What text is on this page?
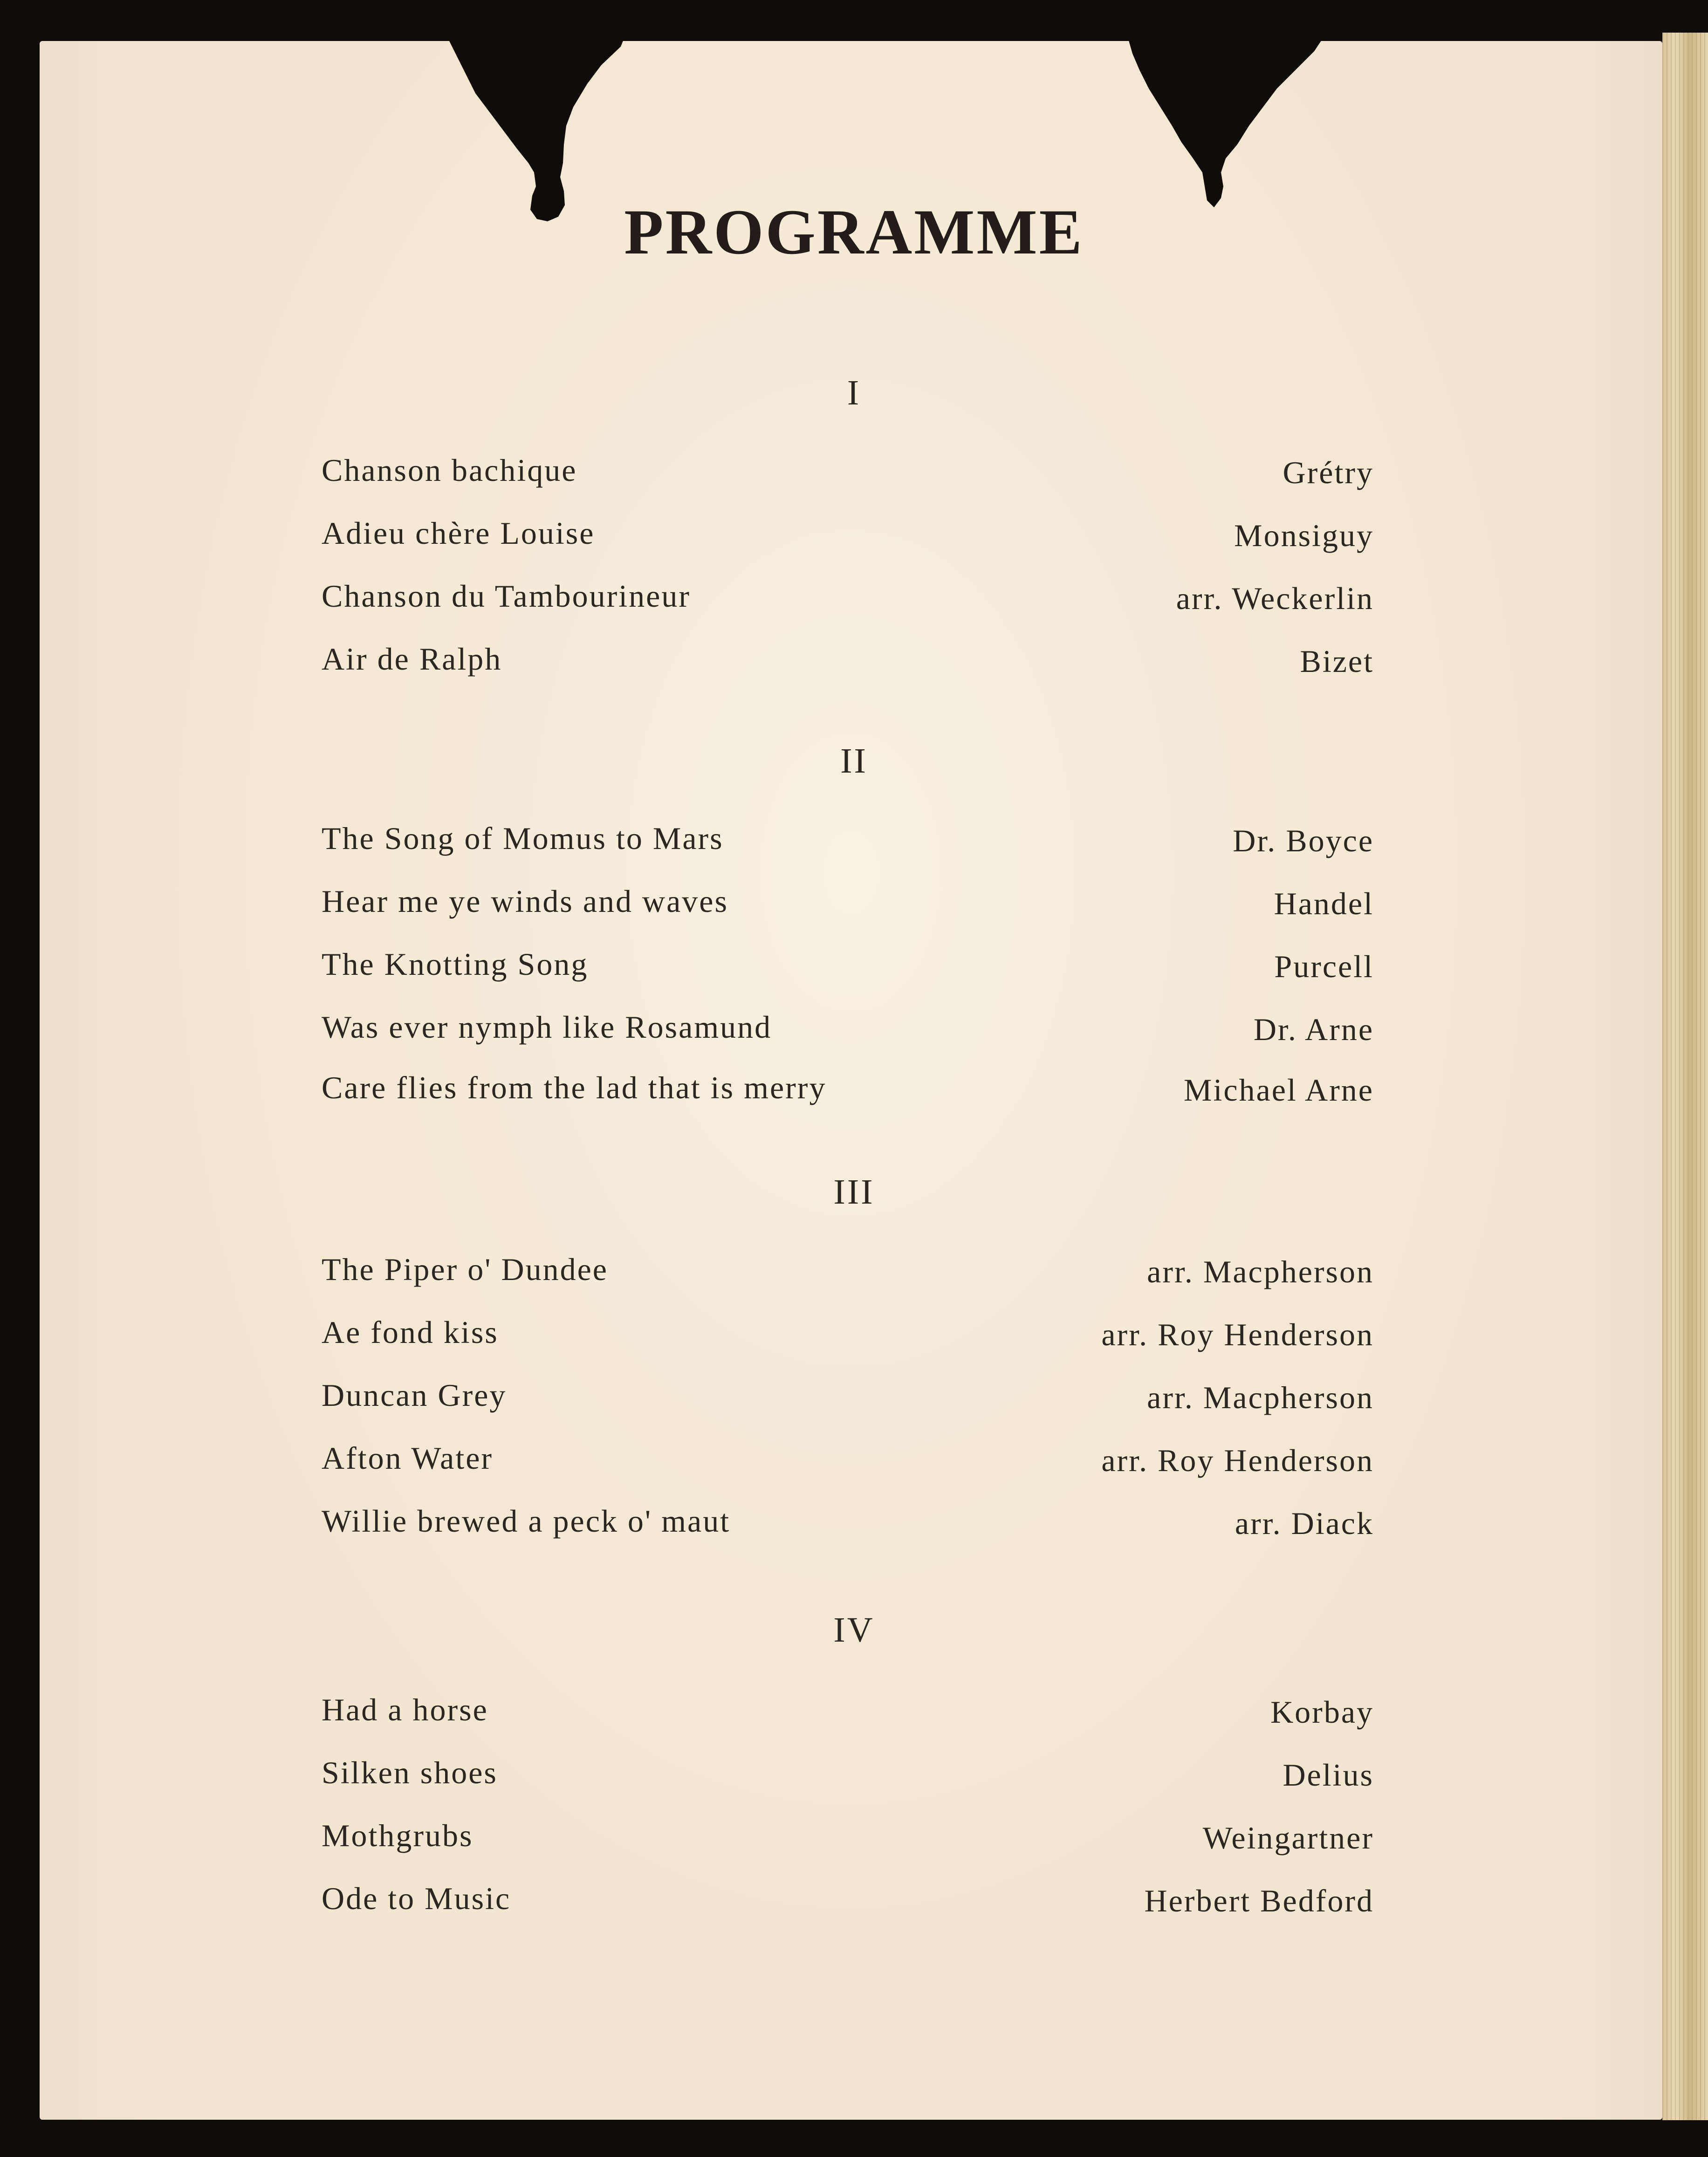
PROGRAMME
I
Chanson bachique	Grétry
Adieu chère Louise	Monsiguy
Chanson du Tambourineur	arr. Weckerlin
Air de Ralph	Bizet
II
The Song of Momus to Mars	Dr. Boyce
Hear me ye winds and waves	Handel
The Knotting Song	Purcell
Was ever nymph like Rosamund	Dr. Arne
Care flies from the lad that is merry	Michael Arne
III
The Piper o' Dundee	arr. Macpherson
Ae fond kiss	arr. Roy Henderson
Duncan Grey	arr. Macpherson
Afton Water	arr. Roy Henderson
Willie brewed a peck o' maut	arr. Diack
IV
Had a horse	Korbay
Silken shoes	Delius
Mothgrubs	Weingartner
Ode to Music	Herbert Bedford
